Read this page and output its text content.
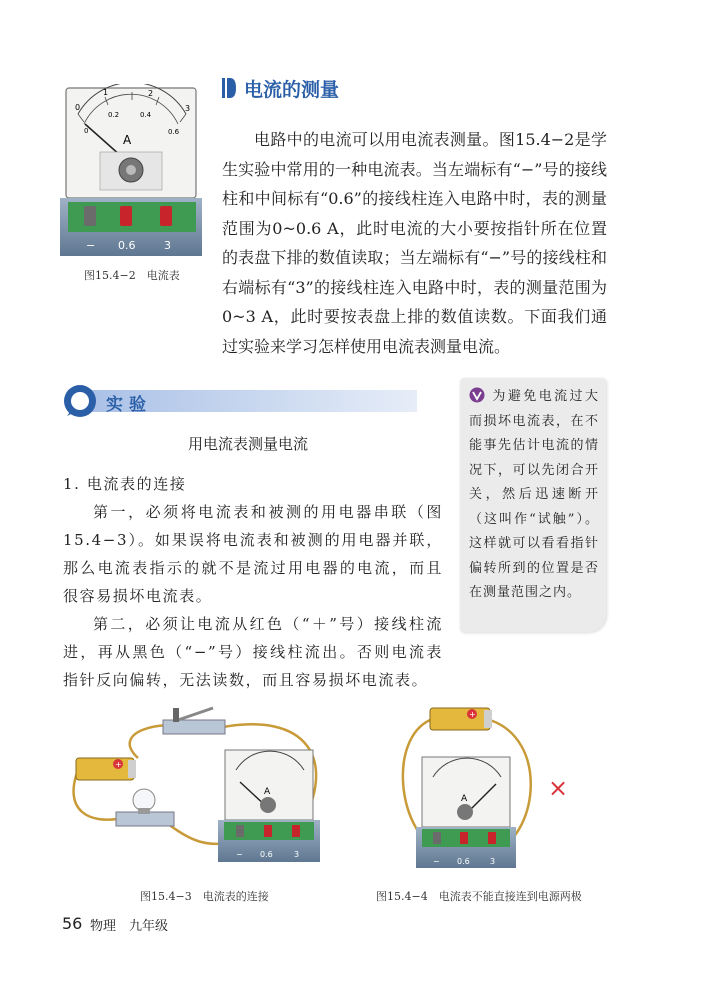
0
1	2
3
0
0.2	0.4
0.6
A
− 0.6	3
图15.4−2　电流表
电流的测量

电路中的电流可以用电流表测量。图15.4−2是学生实验中常用的一种电流表。当左端标有“−”号的接线柱和中间标有“0.6”的接线柱连入电路中时，表的测量范围为0~0.6 A，此时电流的大小要按指针所在位置的表盘下排的数值读取；当左端标有“−”号的接线柱和右端标有“3”的接线柱连入电路中时，表的测量范围为0~3 A，此时要按表盘上排的数值读数。下面我们通过实验来学习怎样使用电流表测量电流。

实验
用电流表测量电流

1. 电流表的连接

第一，必须将电流表和被测的用电器串联（图15.4−3）。如果误将电流表和被测的用电器并联，那么电流表指示的就不是流过用电器的电流，而且很容易损坏电流表。

第二，必须让电流从红色（“＋”号）接线柱流进，再从黑色（“−”号）接线柱流出。否则电流表指针反向偏转，无法读数，而且容易损坏电流表。

为避免电流过大而损坏电流表，在不能事先估计电流的情况下，可以先闭合开关，然后迅速断开（这叫作“试触”）。这样就可以看看指针偏转所到的位置是否在测量范围之内。
+
A
− 0.6	3
图15.4−3　电流表的连接
+
A
− 0.6	3
×
图15.4−4　电流表不能直接连到电源两极
56 物理　九年级
